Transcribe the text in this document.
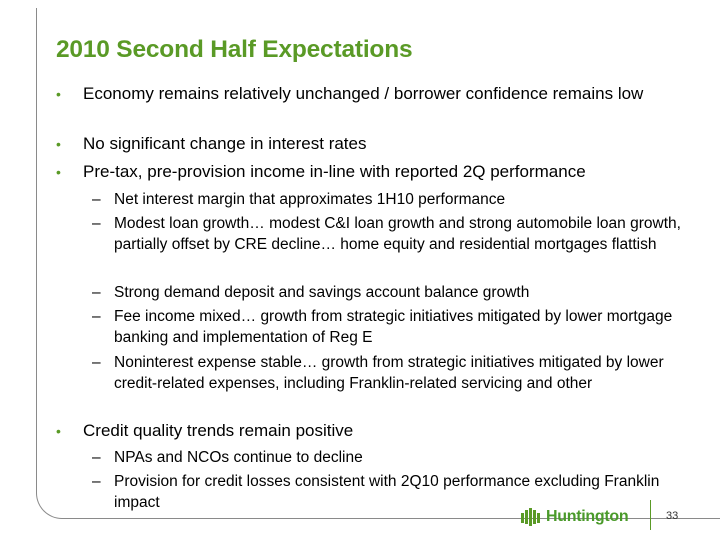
2010 Second Half Expectations
• Economy remains relatively unchanged / borrower confidence remains low
• No significant change in interest rates
• Pre-tax, pre-provision income in-line with reported 2Q performance
– Net interest margin that approximates 1H10 performance
– Modest loan growth… modest C&I loan growth and strong automobile loan growth, partially offset by CRE decline… home equity and residential mortgages flattish
– Strong demand deposit and savings account balance growth
– Fee income mixed… growth from strategic initiatives mitigated by lower mortgage banking and implementation of Reg E
– Noninterest expense stable… growth from strategic initiatives mitigated by lower credit-related expenses, including Franklin-related servicing and other
• Credit quality trends remain positive
– NPAs and NCOs continue to decline
– Provision for credit losses consistent with 2Q10 performance excluding Franklin impact
Huntington	33
